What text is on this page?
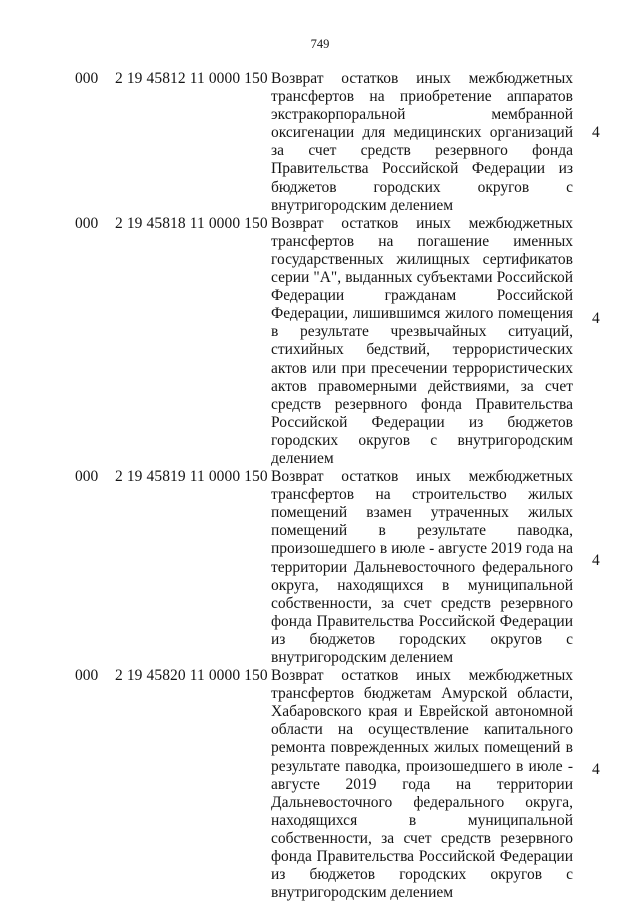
749
000 2 19 45812 11 0000 150 Возврат остатков иных межбюджетных трансфертов на приобретение аппаратов экстракорпоральной мембранной оксигенации для медицинских организаций за счет средств резервного фонда Правительства Российской Федерации из бюджетов городских округов с внутригородским делением
4
000 2 19 45818 11 0000 150 Возврат остатков иных межбюджетных трансфертов на погашение именных государственных жилищных сертификатов серии "А", выданных субъектами Российской Федерации гражданам Российской Федерации, лишившимся жилого помещения в результате чрезвычайных ситуаций, стихийных бедствий, террористических актов или при пресечении террористических актов правомерными действиями, за счет средств резервного фонда Правительства Российской Федерации из бюджетов городских округов с внутригородским делением
4
000 2 19 45819 11 0000 150 Возврат остатков иных межбюджетных трансфертов на строительство жилых помещений взамен утраченных жилых помещений в результате паводка, произошедшего в июле - августе 2019 года на территории Дальневосточного федерального округа, находящихся в муниципальной собственности, за счет средств резервного фонда Правительства Российской Федерации из бюджетов городских округов с внутригородским делением
4
000 2 19 45820 11 0000 150 Возврат остатков иных межбюджетных трансфертов бюджетам Амурской области, Хабаровского края и Еврейской автономной области на осуществление капитального ремонта поврежденных жилых помещений в результате паводка, произошедшего в июле - августе 2019 года на территории Дальневосточного федерального округа, находящихся в муниципальной собственности, за счет средств резервного фонда Правительства Российской Федерации из бюджетов городских округов с внутригородским делением
4
